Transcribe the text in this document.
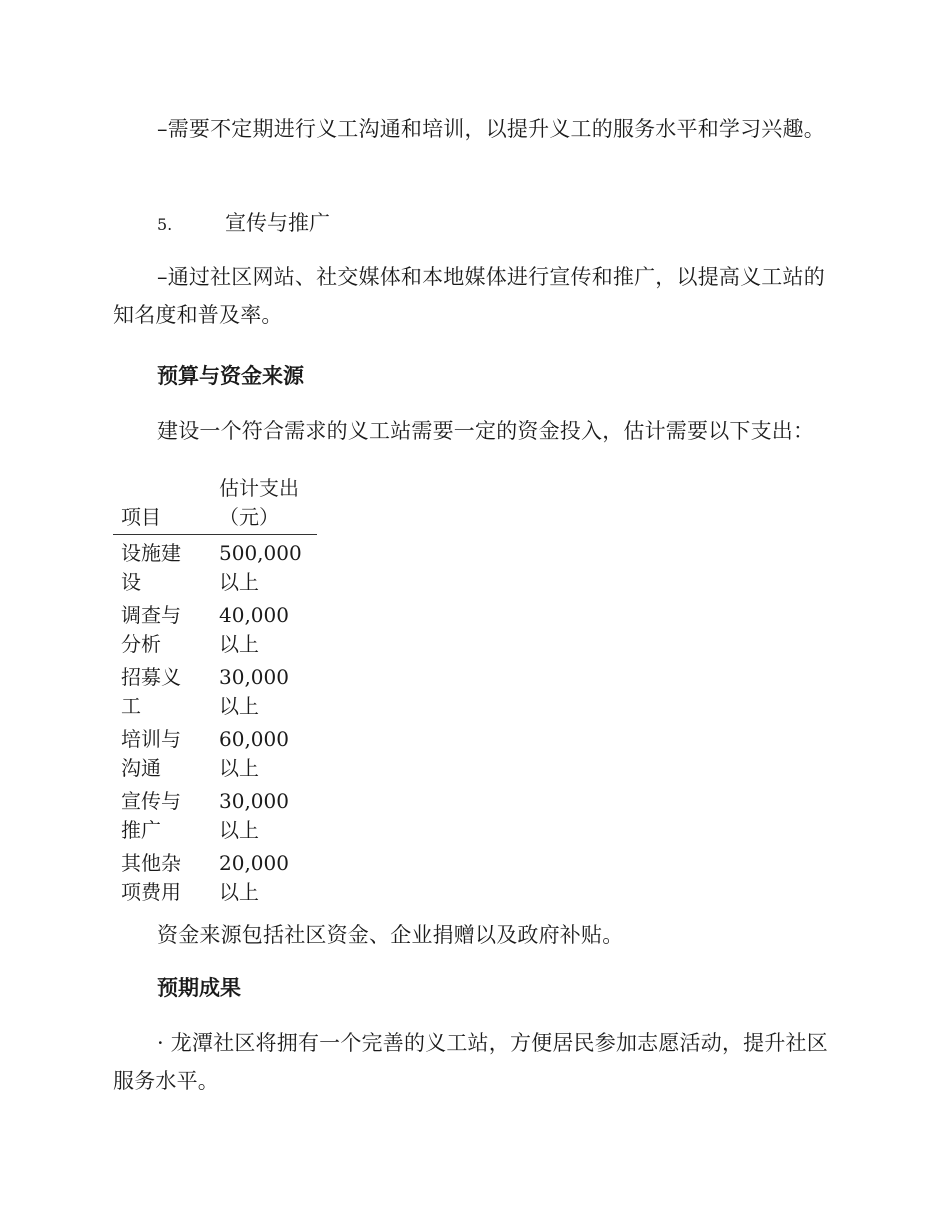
–需要不定期进行义工沟通和培训，以提升义工的服务水平和学习兴趣。

5.	宣传与推广

–通过社区网站、社交媒体和本地媒体进行宣传和推广，以提高义工站的知名度和普及率。

预算与资金来源

建设一个符合需求的义工站需要一定的资金投入，估计需要以下支出：

项目	估计支出（元）

设施建设	500,000 以上

调查与分析	40,000 以上

招募义工	30,000 以上

培训与沟通	60,000 以上

宣传与推广	30,000 以上

其他杂项费用	20,000 以上

资金来源包括社区资金、企业捐赠以及政府补贴。

预期成果

· 龙潭社区将拥有一个完善的义工站，方便居民参加志愿活动，提升社区服务水平。
